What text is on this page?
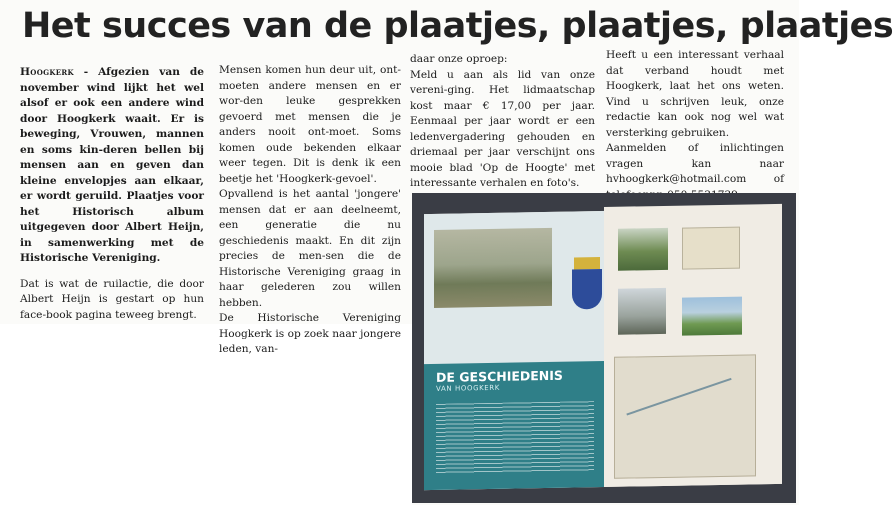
Het succes van de plaatjes, plaatjes, plaatjes

Hoogkerk - Afgezien van de november wind lijkt het wel alsof er ook een andere wind door Hoogkerk waait. Er is beweging, Vrouwen, mannen en soms kin-deren bellen bij mensen aan en geven dan kleine envelopjes aan elkaar, er wordt geruild. Plaatjes voor het Historisch	album uitgegeven door Albert Heijn, in samenwerking met de Historische Vereniging.

Dat is wat de ruilactie, die door Albert Heijn is gestart op hun face-book pagina teweeg brengt.

Mensen komen hun deur uit, ont-moeten andere mensen en er wor-den leuke gesprekken gevoerd met mensen die je anders nooit ont-moet. Soms komen oude bekenden elkaar weer tegen. Dit is denk ik een beetje het 'Hoogkerk-gevoel'.

Opvallend is het aantal 'jongere' mensen dat er aan deelneemt, een generatie die nu geschiedenis maakt. En dit zijn precies de men-sen die de Historische Vereniging graag in haar gelederen zou willen hebben.

De Historische Vereniging Hoogkerk is op zoek naar jongere leden, van-

daar onze oproep:

Meld u aan als lid van onze vereni-ging. Het lidmaatschap kost maar € 17,00 per jaar. Eenmaal per jaar wordt er een ledenvergadering gehouden en driemaal per jaar verschijnt ons mooie blad 'Op de Hoogte' met interessante verhalen en foto's.

Heeft u een interessant verhaal dat verband houdt met Hoogkerk, laat het ons weten. Vind u schrijven leuk, onze redactie kan ook nog wel wat versterking gebruiken.

Aanmelden of inlichtingen vragen	kan naar hvhoogkerk@hotmail.com	of

DE GESCHIEDENIS
VAN HOOGKERK
